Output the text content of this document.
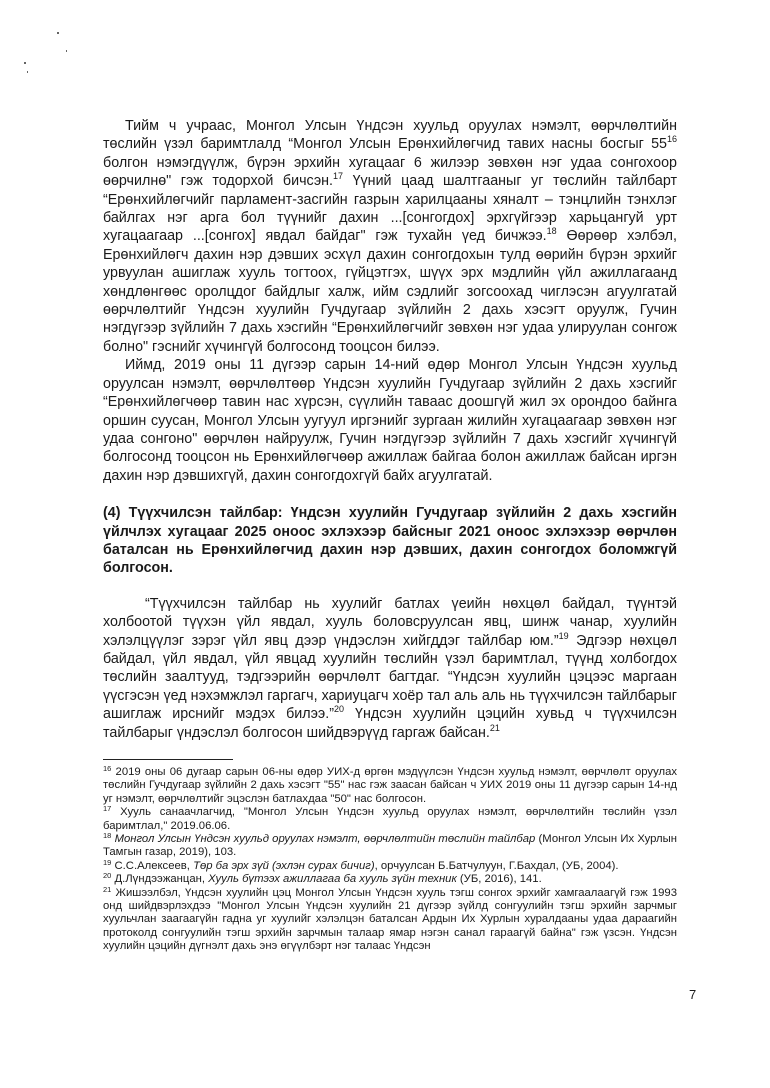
Тийм ч учраас, Монгол Улсын Үндсэн хуульд оруулах нэмэлт, өөрчлөлтийн төслийн үзэл баримтлалд “Монгол Улсын Ерөнхийлөгчид тавих насны босгыг $55^{16}$ болгон нэмэгдүүлж, бүрэн эрхийн хугацааг 6 жилээр зөвхөн нэг удаа сонгохоор өөрчилнө" гэж тодорхой бичсэн.$^{17}$ Үүний цаад шалтгааныг уг төслийн тайлбарт “Ерөнхийлөгчийг парламент-засгийн газрын харилцааны хяналт – тэнцлийн тэнхлэг байлгах нэг арга бол түүнийг дахин ...[сонгогдох] эрхгүйгээр харьцангуй урт хугацаагаар ...[сонгох] явдал байдаг" гэж тухайн үед бичжээ.$^{18}$ Өөрөөр хэлбэл, Ерөнхийлөгч дахин нэр дэвших эсхүл дахин сонгогдохын тулд өөрийн бүрэн эрхийг урвуулан ашиглаж хууль тогтоох, гүйцэтгэх, шүүх эрх мэдлийн үйл ажиллагаанд хөндлөнгөөс оролцдог байдлыг халж, ийм сэдлийг зогсоохад чиглэсэн агуулгатай өөрчлөлтийг Үндсэн хуулийн Гучдугаар зүйлийн 2 дахь хэсэгт оруулж, Гучин нэгдүгээр зүйлийн 7 дахь хэсгийн “Ерөнхийлөгчийг зөвхөн нэг удаа улируулан сонгож болно" гэснийг хүчингүй болгосонд тооцсон билээ.

Иймд, 2019 оны 11 дүгээр сарын 14-ний өдөр Монгол Улсын Үндсэн хуульд оруулсан нэмэлт, өөрчлөлтөөр Үндсэн хуулийн Гучдугаар зүйлийн 2 дахь хэсгийг “Ерөнхийлөгчөөр тавин нас хүрсэн, сүүлийн таваас доошгүй жил эх орондоо байнга оршин суусан, Монгол Улсын уугуул иргэнийг зургаан жилийн хугацаагаар зөвхөн нэг удаа сонгоно" өөрчлөн найруулж, Гучин нэгдүгээр зүйлийн 7 дахь хэсгийг хүчингүй болгосонд тооцсон нь Ерөнхийлөгчөөр ажиллаж байгаа болон ажиллаж байсан иргэн дахин нэр дэвшихгүй, дахин сонгогдохгүй байх агуулгатай.

(4) Түүхчилсэн тайлбар: Үндсэн хуулийн Гучдугаар зүйлийн 2 дахь хэсгийн үйлчлэх хугацааг 2025 оноос эхлэхээр байсныг 2021 оноос эхлэхээр өөрчлөн баталсан нь Ерөнхийлөгчид дахин нэр дэвших, дахин сонгогдох боломжгүй болгосон.

“Түүхчилсэн тайлбар нь хуулийг батлах үеийн нөхцөл байдал, түүнтэй холбоотой түүхэн үйл явдал, хууль боловсруулсан явц, шинж чанар, хуулийн хэлэлцүүлэг зэрэг үйл явц дээр үндэслэн хийгддэг тайлбар юм.”$^{19}$ Эдгээр нөхцөл байдал, үйл явдал, үйл явцад хуулийн төслийн үзэл баримтлал, түүнд холбогдох төслийн заалтууд, тэдгээрийн өөрчлөлт багтдаг. “Үндсэн хуулийн цэцээс маргаан үүсгэсэн үед нэхэмжлэл гаргагч, хариуцагч хоёр тал аль аль нь түүхчилсэн тайлбарыг ашиглаж ирснийг мэдэх билээ.”$^{20}$ Үндсэн хуулийн цэцийн хувьд ч түүхчилсэн тайлбарыг үндэслэл болгосон шийдвэрүүд гаргаж байсан.$^{21}$

$^{16}$ 2019 оны 06 дугаар сарын 06-ны өдөр УИХ-д өргөн мэдүүлсэн Үндсэн хуульд нэмэлт, өөрчлөлт оруулах төслийн Гучдугаар зүйлийн 2 дахь хэсэгт "55" нас гэж заасан байсан ч УИХ 2019 оны 11 дүгээр сарын 14-нд уг нэмэлт, өөрчлөлтийг эцэслэн батлахдаа "50" нас болгосон.

$^{17}$ Хууль санаачлагчид, "Монгол Улсын Үндсэн хуульд оруулах нэмэлт, өөрчлөлтийн төслийн үзэл баримтлал," 2019.06.06.

$^{18}$ Монгол Улсын Үндсэн хуульд оруулах нэмэлт, өөрчлөлтийн төслийн тайлбар (Монгол Улсын Их Хурлын Тамгын газар, 2019), 103.

$^{19}$ С.С.Алексеев, Төр ба эрх зүй (эхлэн сурах бичиг), орчуулсан Б.Батчулуун, Г.Бахдал, (УБ, 2004).

$^{20}$ Д.Лүндээжанцан, Хууль бүтээх ажиллагаа ба хууль зүйн техник (УБ, 2016), 141.

$^{21}$ Жишээлбэл, Үндсэн хуулийн цэц Монгол Улсын Үндсэн хууль тэгш сонгох эрхийг хамгаалаагүй гэж 1993 онд шийдвэрлэхдээ "Монгол Улсын Үндсэн хуулийн 21 дүгээр зүйлд сонгуулийн тэгш эрхийн зарчмыг хуульчлан заагаагүйн гадна уг хуулийг хэлэлцэн баталсан Ардын Их Хурлын хуралдааны удаа дараагийн протоколд сонгуулийн тэгш эрхийн зарчмын талаар ямар нэгэн санал гараагүй байна" гэж үзсэн. Үндсэн хуулийн цэцийн дүгнэлт дахь энэ өгүүлбэрт нэг талаас Үндсэн

7
